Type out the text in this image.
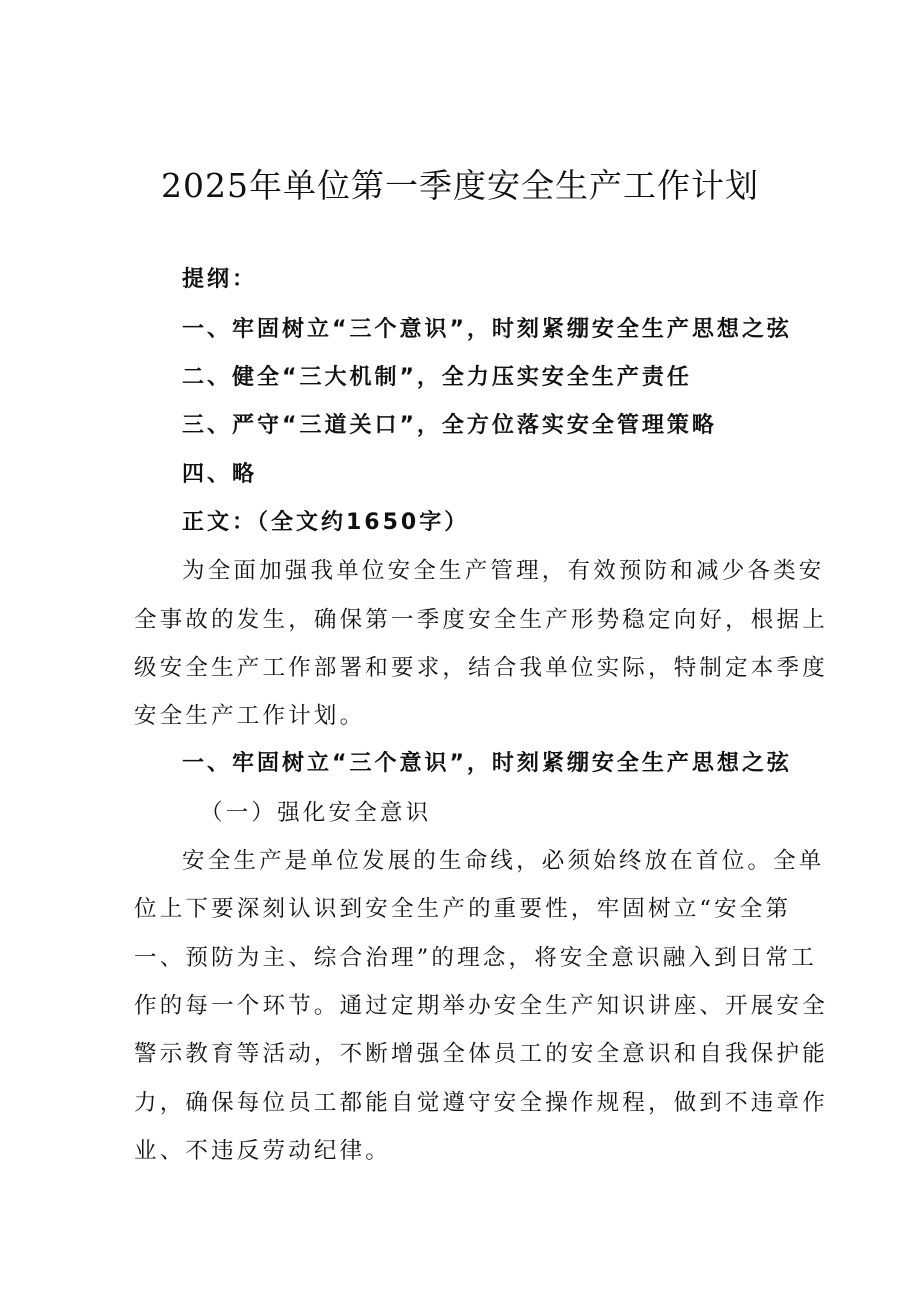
2025年单位第一季度安全生产工作计划
提纲：
一、牢固树立“三个意识”，时刻紧绷安全生产思想之弦
二、健全“三大机制”，全力压实安全生产责任
三、严守“三道关口”，全方位落实安全管理策略
四、略
正文：（全文约1650字）
为全面加强我单位安全生产管理，有效预防和减少各类安
全事故的发生，确保第一季度安全生产形势稳定向好，根据上
级安全生产工作部署和要求，结合我单位实际，特制定本季度
安全生产工作计划。
一、牢固树立“三个意识”，时刻紧绷安全生产思想之弦
（一）强化安全意识
安全生产是单位发展的生命线，必须始终放在首位。全单
位上下要深刻认识到安全生产的重要性，牢固树立“安全第
一、预防为主、综合治理”的理念，将安全意识融入到日常工
作的每一个环节。通过定期举办安全生产知识讲座、开展安全
警示教育等活动，不断增强全体员工的安全意识和自我保护能
力，确保每位员工都能自觉遵守安全操作规程，做到不违章作
业、不违反劳动纪律。
